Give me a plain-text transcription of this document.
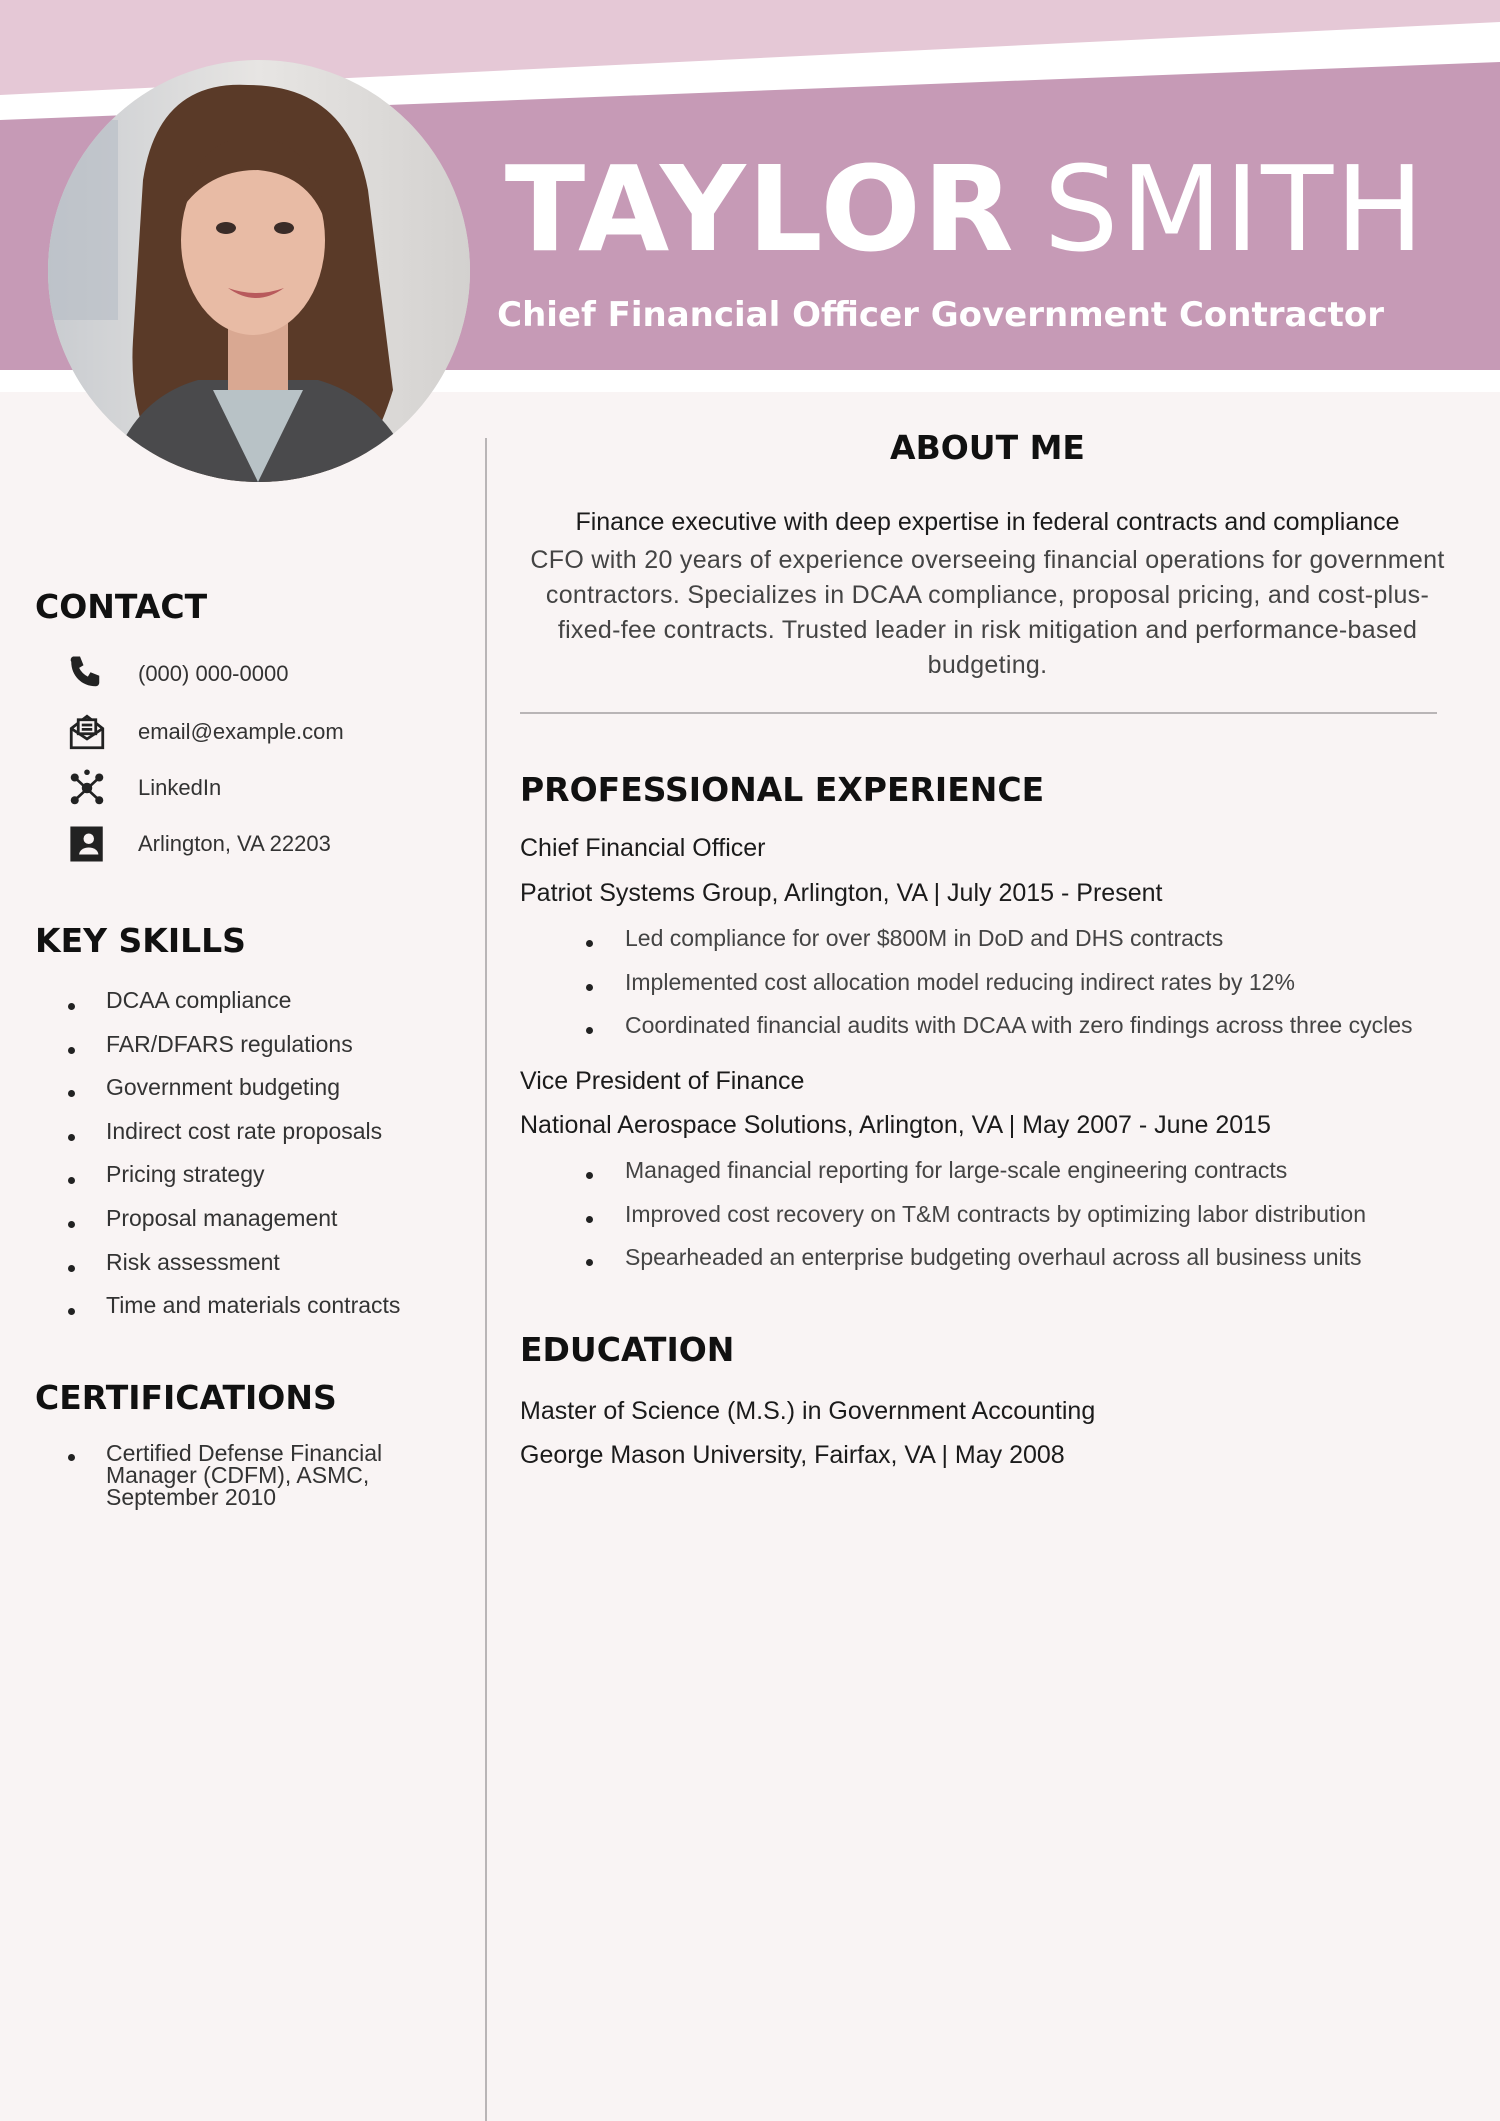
TAYLOR SMITH
Chief Financial Officer Government Contractor
CONTACT
(000) 000-0000
email@example.com
LinkedIn
Arlington, VA 22203
KEY SKILLS
DCAA compliance
FAR/DFARS regulations
Government budgeting
Indirect cost rate proposals
Pricing strategy
Proposal management
Risk assessment
Time and materials contracts
CERTIFICATIONS
Certified Defense Financial Manager (CDFM), ASMC, September 2010
ABOUT ME

Finance executive with deep expertise in federal contracts and compliance

CFO with 20 years of experience overseeing financial operations for government contractors. Specializes in DCAA compliance, proposal pricing, and cost-plus-fixed-fee contracts. Trusted leader in risk mitigation and performance-based budgeting.

PROFESSIONAL EXPERIENCE

Chief Financial Officer

Patriot Systems Group, Arlington, VA | July 2015 - Present

Led compliance for over $800M in DoD and DHS contracts
Implemented cost allocation model reducing indirect rates by 12%
Coordinated financial audits with DCAA with zero findings across three cycles

Vice President of Finance

National Aerospace Solutions, Arlington, VA | May 2007 - June 2015

Managed financial reporting for large-scale engineering contracts
Improved cost recovery on T&M contracts by optimizing labor distribution
Spearheaded an enterprise budgeting overhaul across all business units
EDUCATION

Master of Science (M.S.) in Government Accounting

George Mason University, Fairfax, VA | May 2008
